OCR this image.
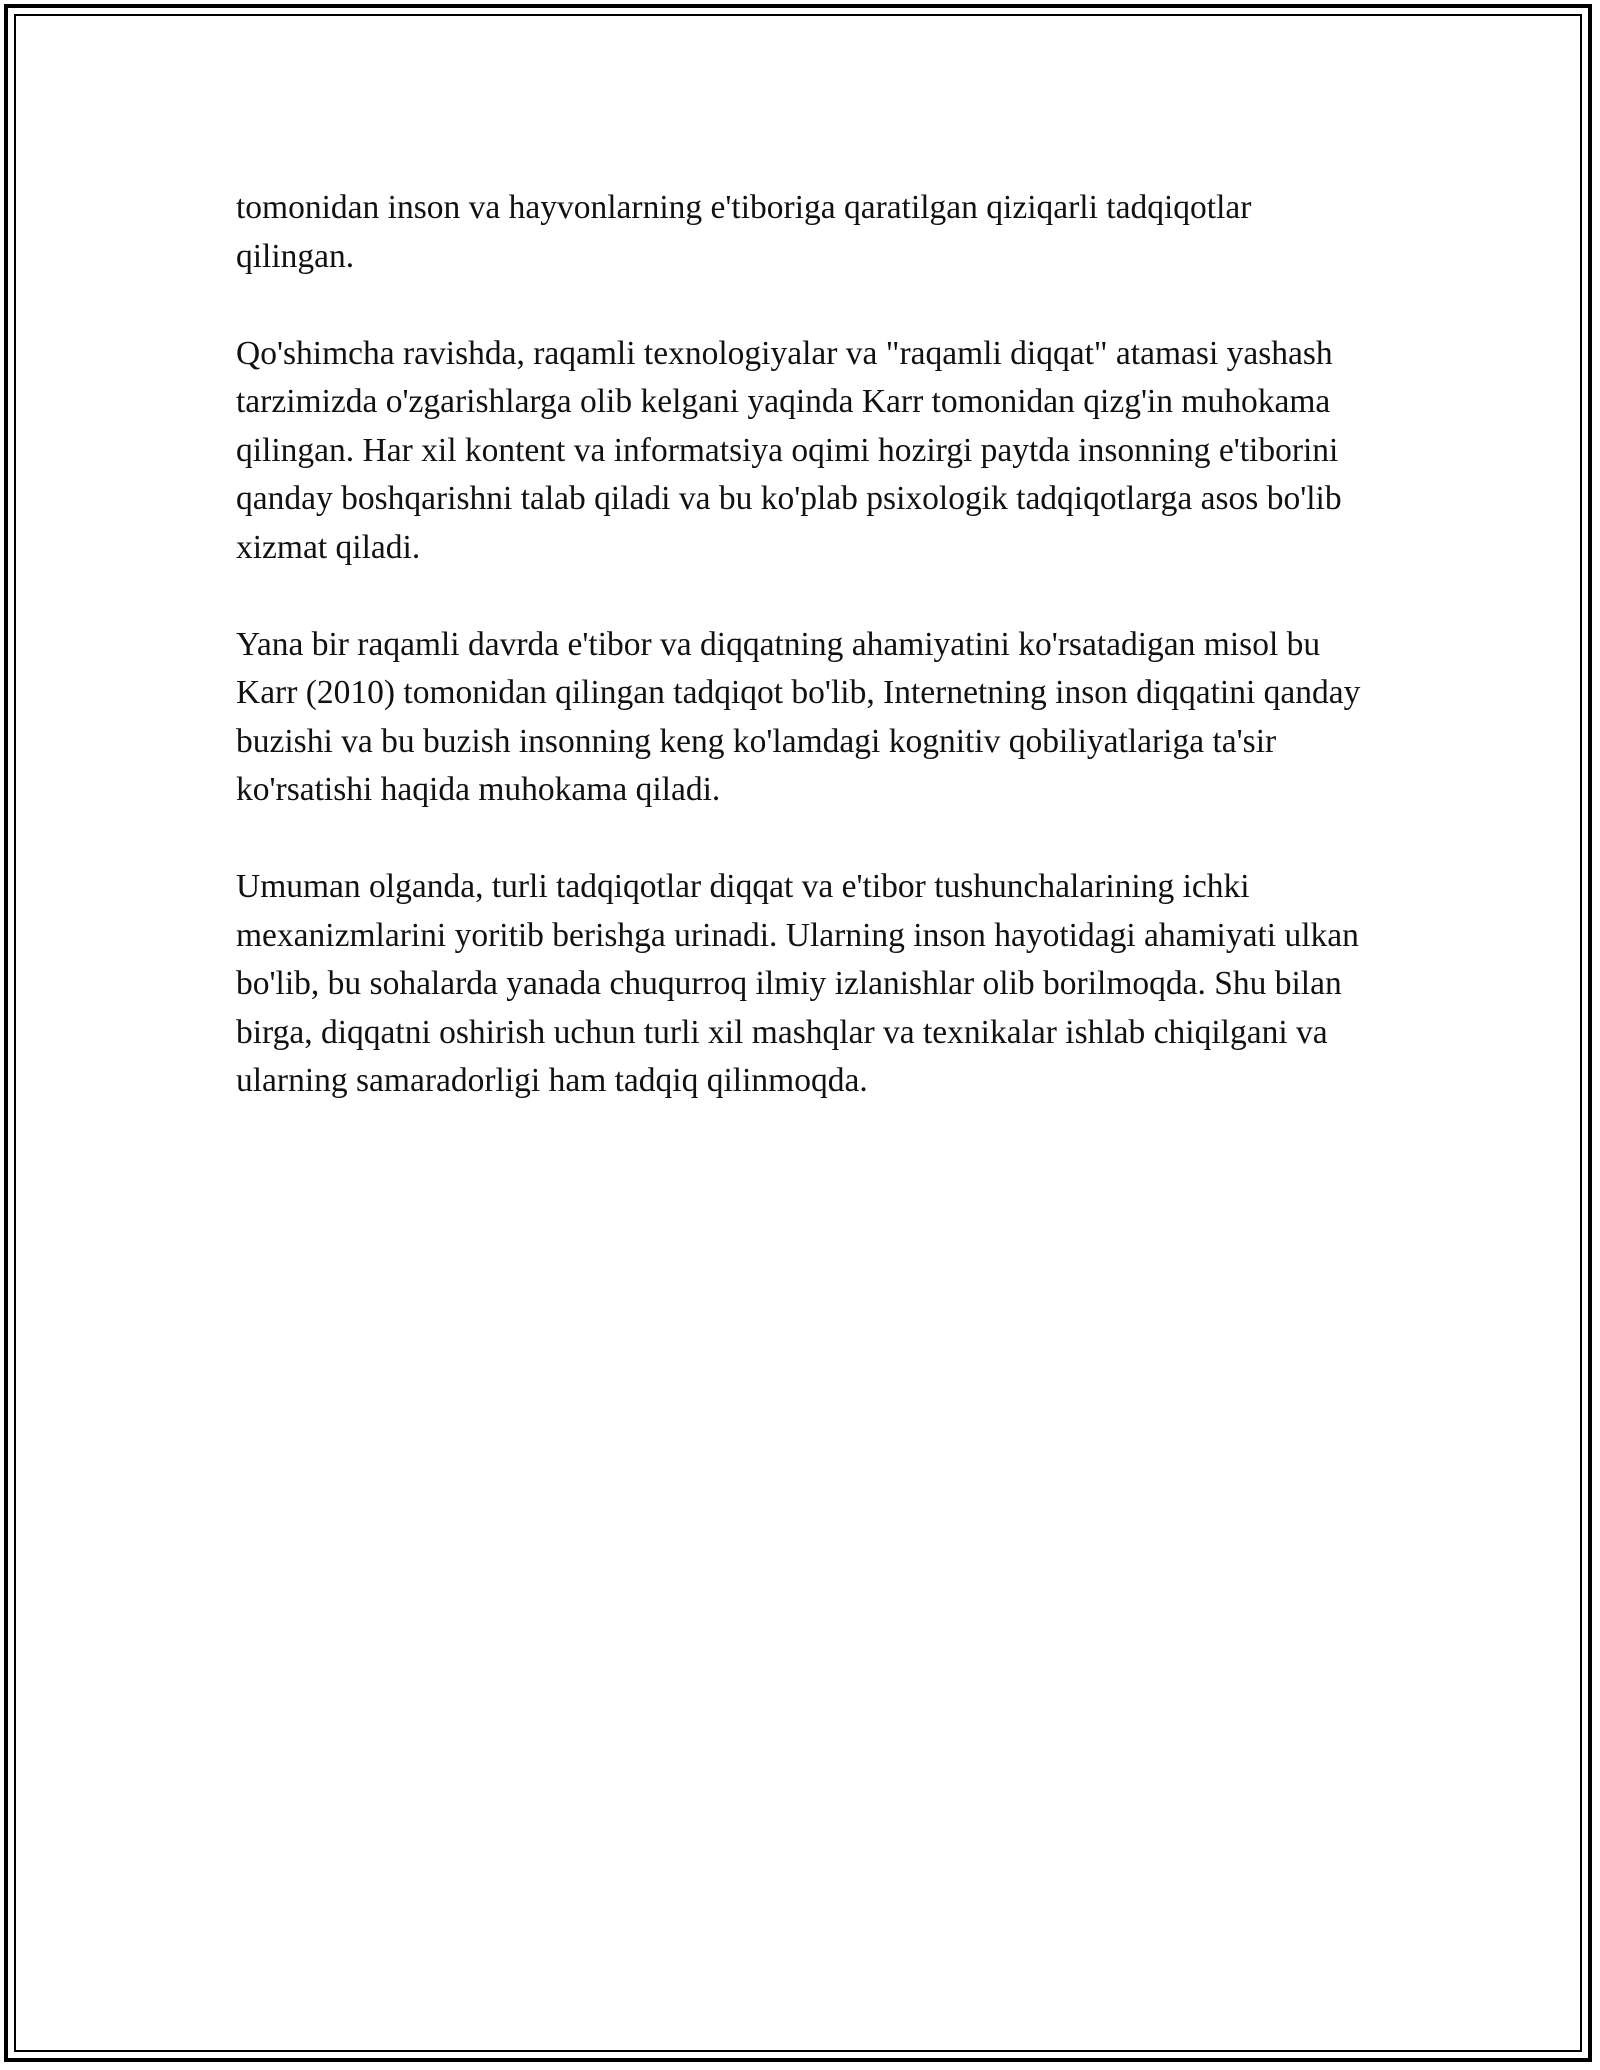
tomonidan inson va hayvonlarning e'tiboriga qaratilgan qiziqarli tadqiqotlar qilingan.

Qo'shimcha ravishda, raqamli texnologiyalar va "raqamli diqqat" atamasi yashash tarzimizda o'zgarishlarga olib kelgani yaqinda Karr tomonidan qizg'in muhokama qilingan. Har xil kontent va informatsiya oqimi hozirgi paytda insonning e'tiborini qanday boshqarishni talab qiladi va bu ko'plab psixologik tadqiqotlarga asos bo'lib xizmat qiladi.

Yana bir raqamli davrda e'tibor va diqqatning ahamiyatini ko'rsatadigan misol bu Karr (2010) tomonidan qilingan tadqiqot bo'lib, Internetning inson diqqatini qanday buzishi va bu buzish insonning keng ko'lamdagi kognitiv qobiliyatlariga ta'sir ko'rsatishi haqida muhokama qiladi.

Umuman olganda, turli tadqiqotlar diqqat va e'tibor tushunchalarining ichki mexanizmlarini yoritib berishga urinadi. Ularning inson hayotidagi ahamiyati ulkan bo'lib, bu sohalarda yanada chuqurroq ilmiy izlanishlar olib borilmoqda. Shu bilan birga, diqqatni oshirish uchun turli xil mashqlar va texnikalar ishlab chiqilgani va ularning samaradorligi ham tadqiq qilinmoqda.
